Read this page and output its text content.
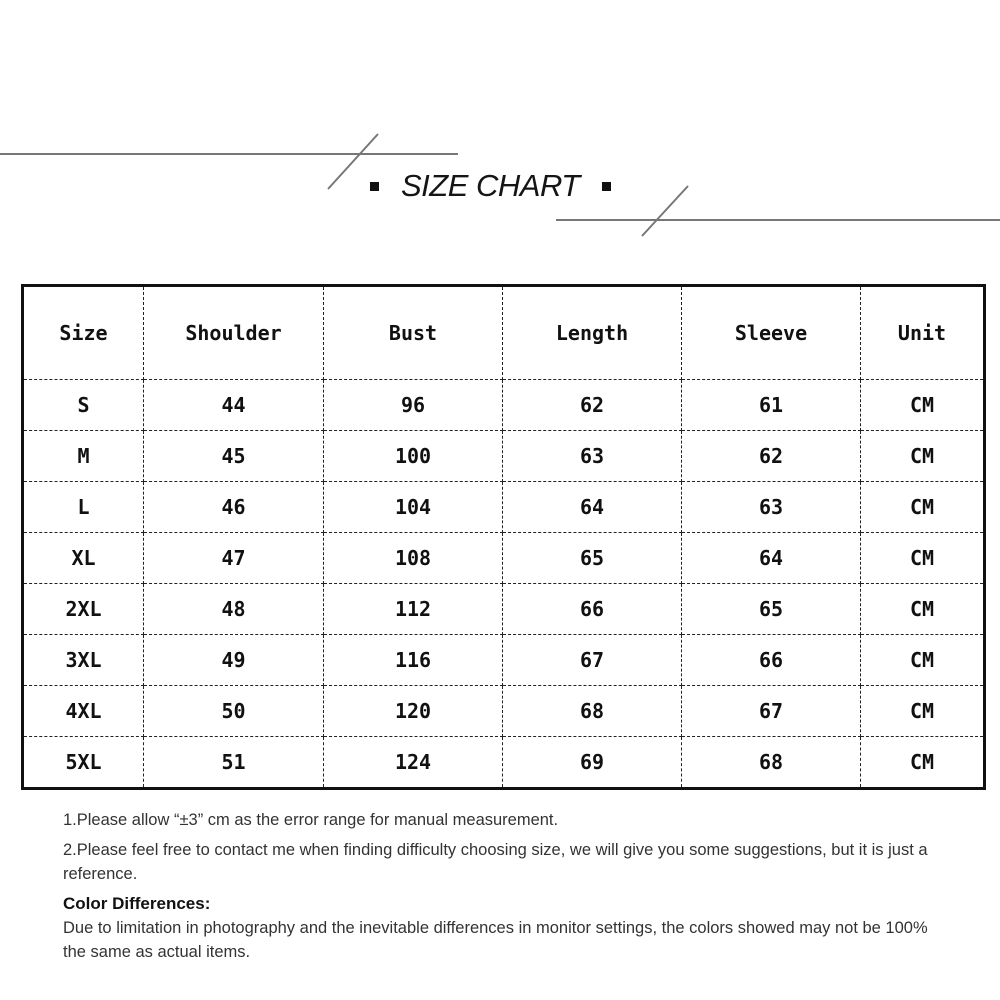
SIZE CHART
Size	Shoulder	Bust	Length	Sleeve	Unit
S	44	96	62	61	CM
M	45	100	63	62	CM
L	46	104	64	63	CM
XL	47	108	65	64	CM
2XL	48	112	66	65	CM
3XL	49	116	67	66	CM
4XL	50	120	68	67	CM
5XL	51	124	69	68	CM

1.Please allow “±3” cm as the error range for manual measurement.

2.Please feel free to contact me when finding difficulty choosing size, we will give you some suggestions, but it is just a reference.

Color Differences:

Due to limitation in photography and the inevitable differences in monitor settings, the colors showed may not be 100% the same as actual items.
